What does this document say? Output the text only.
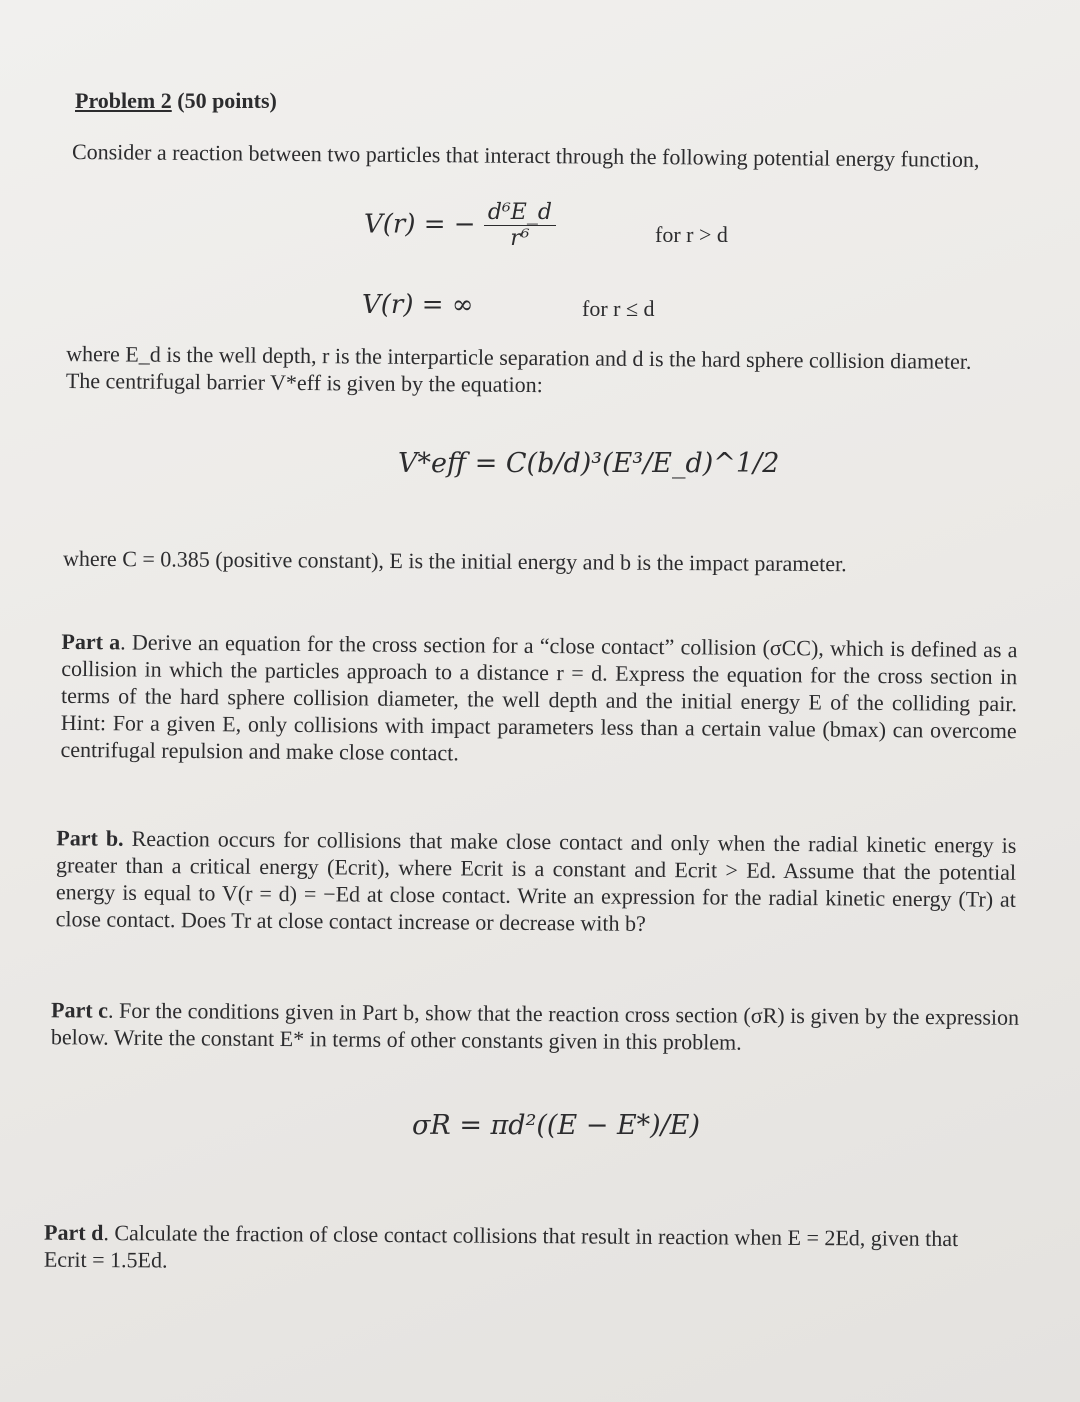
Problem 2 (50 points)
Consider a reaction between two particles that interact through the following potential energy function,
V(r) = − $\frac{\text{d⁶E\_d}}{\text{r⁶}}$	for r > d
V(r) = ∞	for r ≤ d
where E_d is the well depth, r is the interparticle separation and d is the hard sphere collision diameter. The centrifugal barrier V*eff is given by the equation:
V*eff = C(b/d)³(E³/E_d)^1/2
where C = 0.385 (positive constant), E is the initial energy and b is the impact parameter.
Part a. Derive an equation for the cross section for a “close contact” collision (σCC), which is defined as a collision in which the particles approach to a distance r = d. Express the equation for the cross section in terms of the hard sphere collision diameter, the well depth and the initial energy E of the colliding pair. Hint: For a given E, only collisions with impact parameters less than a certain value (bmax) can overcome centrifugal repulsion and make close contact.
Part b. Reaction occurs for collisions that make close contact and only when the radial kinetic energy is greater than a critical energy (Ecrit), where Ecrit is a constant and Ecrit > Ed. Assume that the potential energy is equal to V(r = d) = −Ed at close contact. Write an expression for the radial kinetic energy (Tr) at close contact. Does Tr at close contact increase or decrease with b?
Part c. For the conditions given in Part b, show that the reaction cross section (σR) is given by the expression below. Write the constant E* in terms of other constants given in this problem.
σR = πd²((E − E*)/E)
Part d. Calculate the fraction of close contact collisions that result in reaction when E = 2Ed, given that Ecrit = 1.5Ed.
